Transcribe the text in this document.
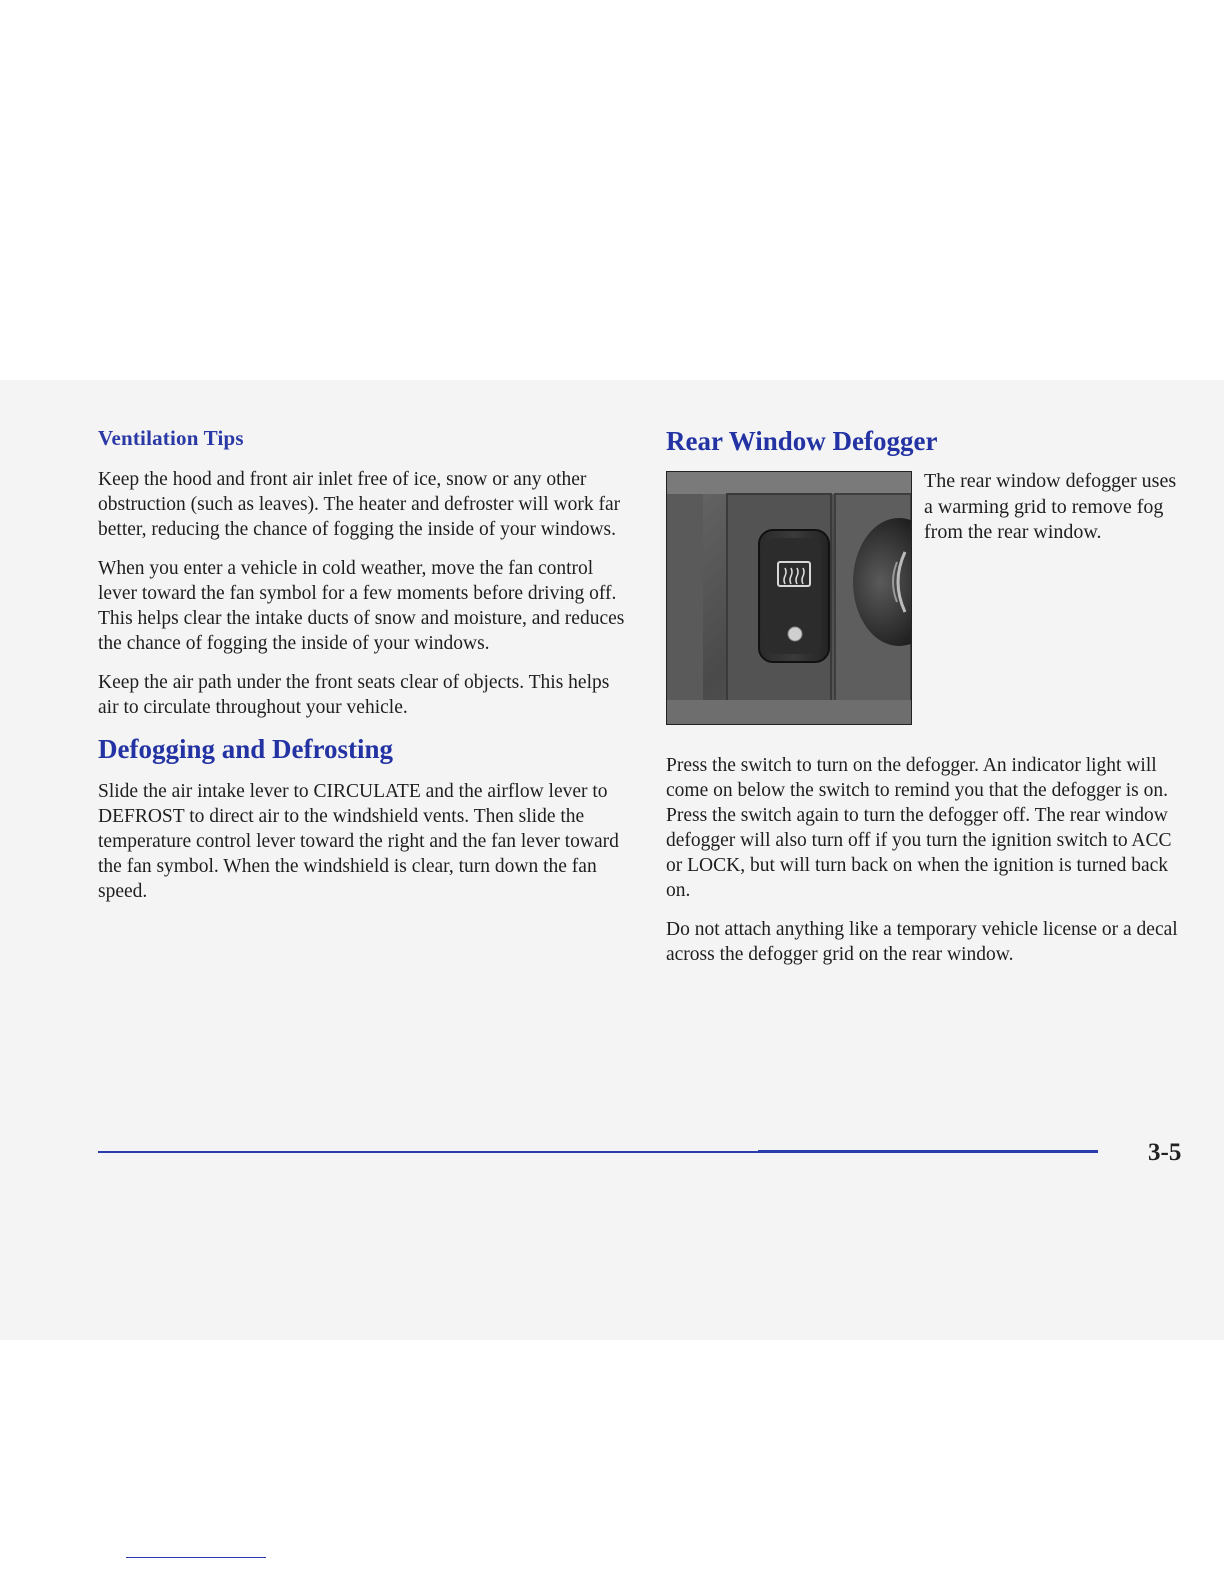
Ventilation Tips

Keep the hood and front air inlet free of ice, snow or any other obstruction (such as leaves). The heater and defroster will work far better, reducing the chance of fogging the inside of your windows.

When you enter a vehicle in cold weather, move the fan control lever toward the fan symbol for a few moments before driving off. This helps clear the intake ducts of snow and moisture, and reduces the chance of fogging the inside of your windows.

Keep the air path under the front seats clear of objects. This helps air to circulate throughout your vehicle.

Defogging and Defrosting

Slide the air intake lever to CIRCULATE and the airflow lever to DEFROST to direct air to the windshield vents. Then slide the temperature control lever toward the right and the fan lever toward the fan symbol. When the windshield is clear, turn down the fan speed.

Rear Window Defogger

The rear window defogger uses a warming grid to remove fog from the rear window.

Press the switch to turn on the defogger. An indicator light will come on below the switch to remind you that the defogger is on. Press the switch again to turn the defogger off. The rear window defogger will also turn off if you turn the ignition switch to ACC or LOCK, but will turn back on when the ignition is turned back on.

Do not attach anything like a temporary vehicle license or a decal across the defogger grid on the rear window.

3-5
